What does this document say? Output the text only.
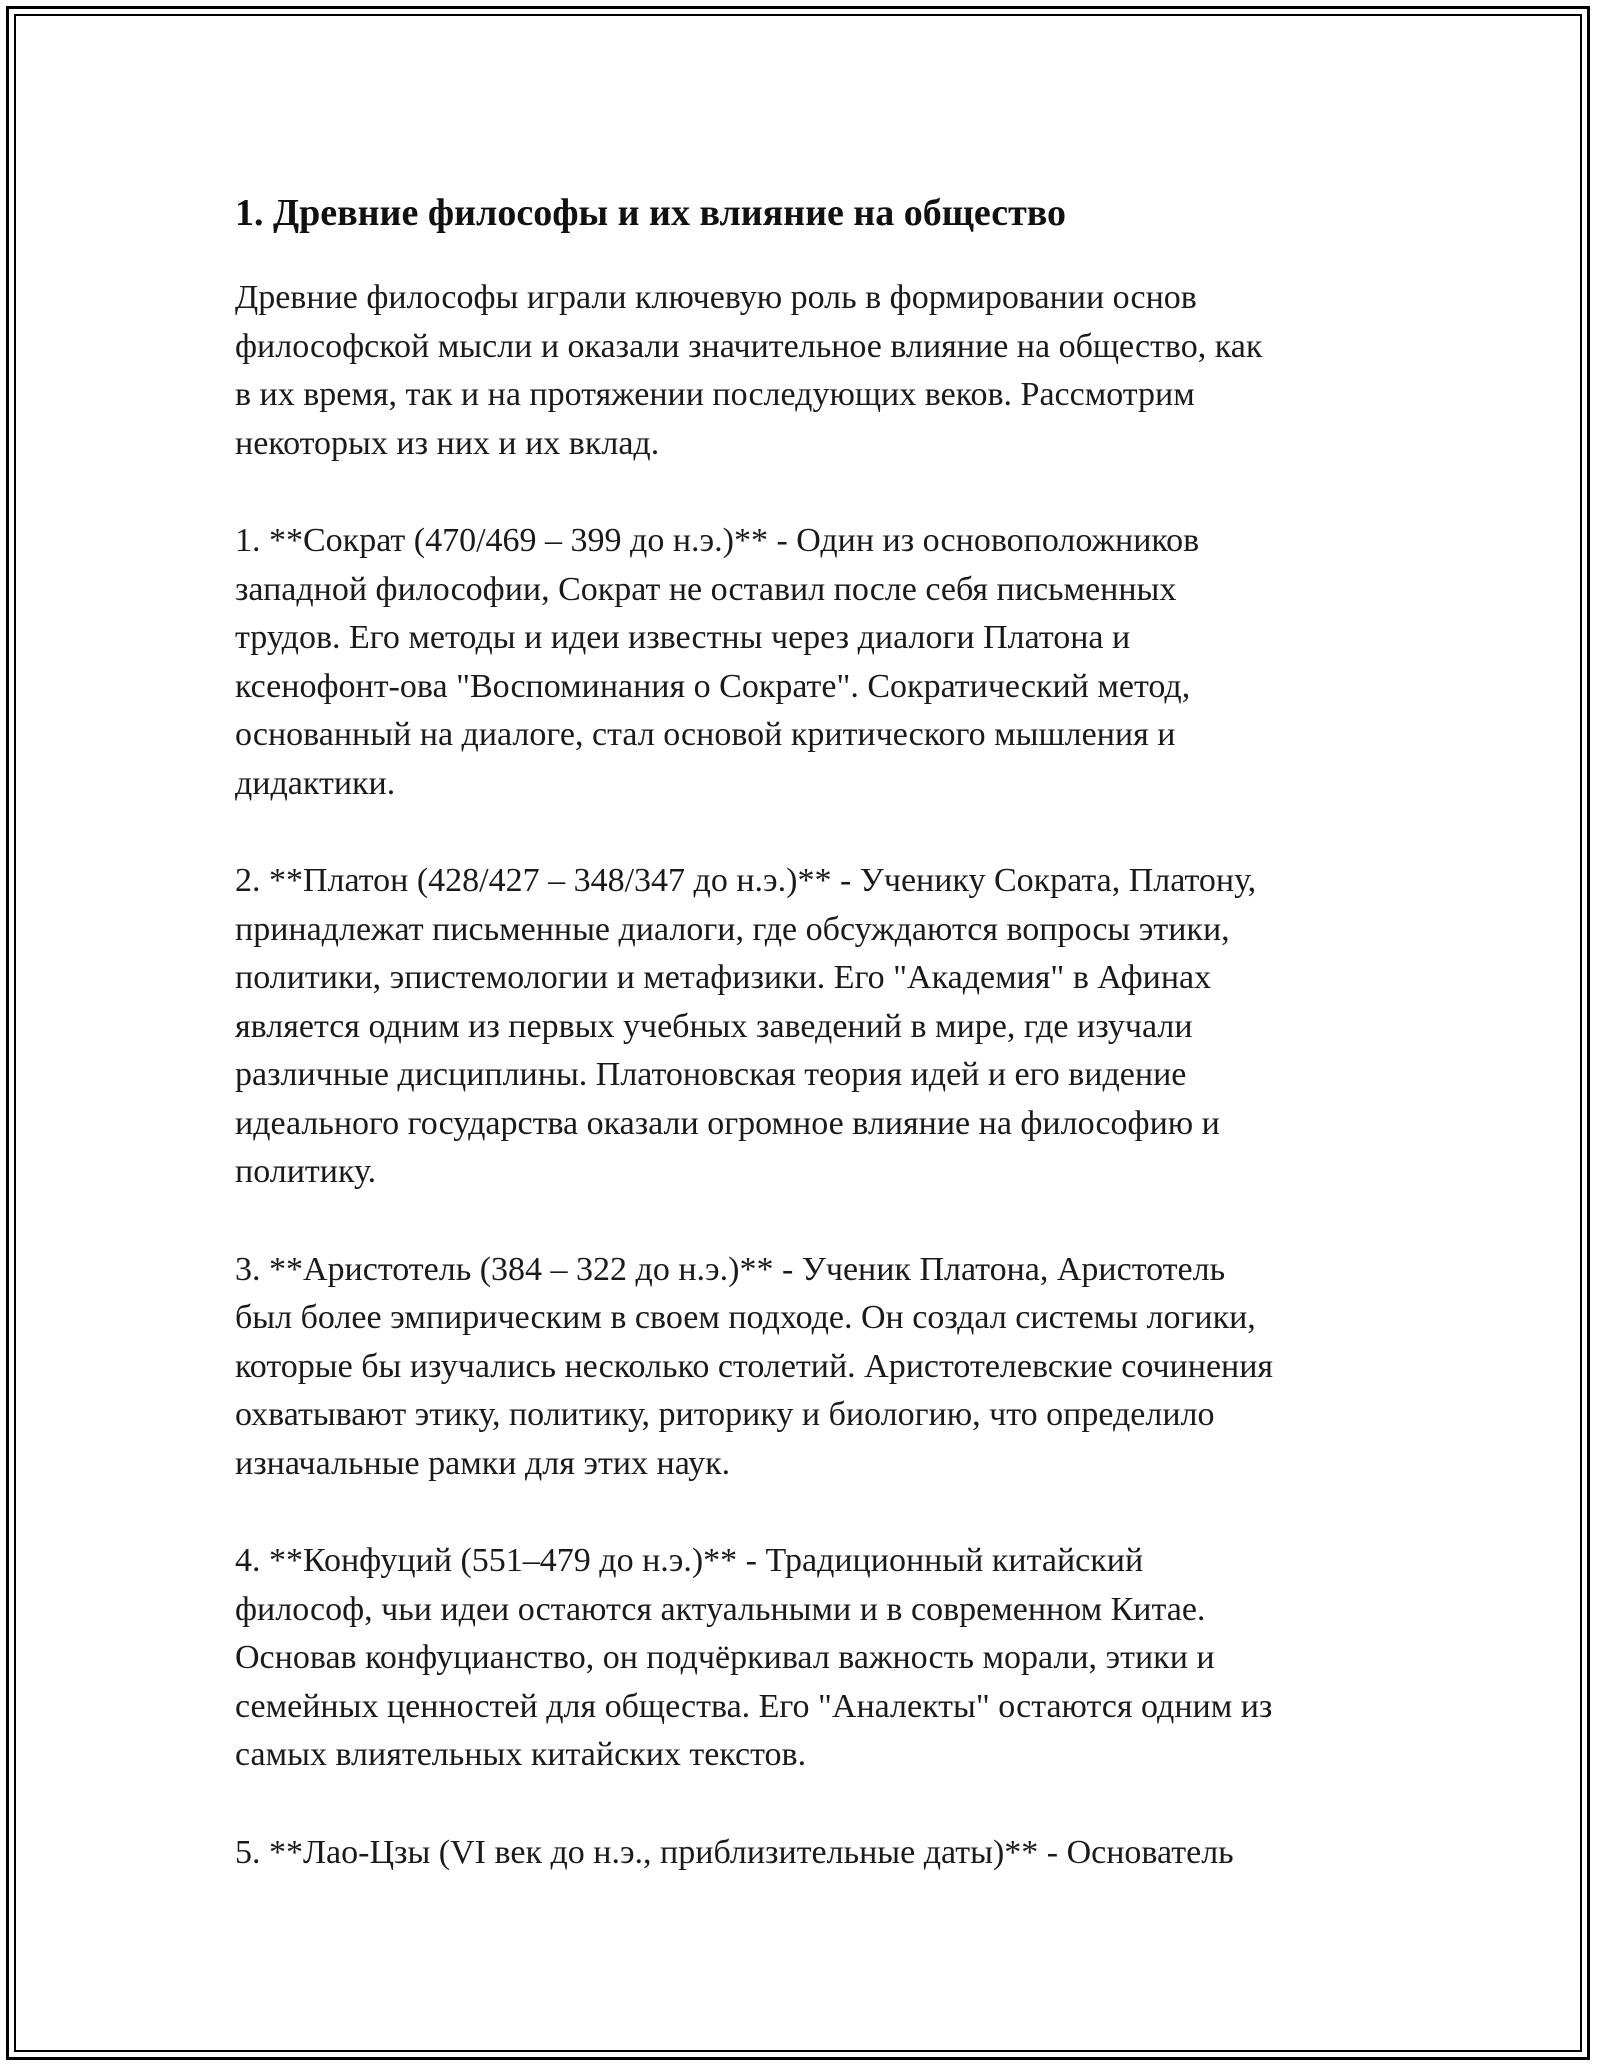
1. Древние философы и их влияние на общество

Древние философы играли ключевую роль в формировании основ
философской мысли и оказали значительное влияние на общество, как
в их время, так и на протяжении последующих веков. Рассмотрим
некоторых из них и их вклад.

1. **Сократ (470/469 – 399 до н.э.)** - Один из основоположников
западной философии, Сократ не оставил после себя письменных
трудов. Его методы и идеи известны через диалоги Платона и
ксенофонт-ова "Воспоминания о Сократе". Сократический метод,
основанный на диалоге, стал основой критического мышления и
дидактики.

2. **Платон (428/427 – 348/347 до н.э.)** - Ученику Сократа, Платону,
принадлежат письменные диалоги, где обсуждаются вопросы этики,
политики, эпистемологии и метафизики. Его "Академия" в Афинах
является одним из первых учебных заведений в мире, где изучали
различные дисциплины. Платоновская теория идей и его видение
идеального государства оказали огромное влияние на философию и
политику.

3. **Аристотель (384 – 322 до н.э.)** - Ученик Платона, Аристотель
был более эмпирическим в своем подходе. Он создал системы логики,
которые бы изучались несколько столетий. Аристотелевские сочинения
охватывают этику, политику, риторику и биологию, что определило
изначальные рамки для этих наук.

4. **Конфуций (551–479 до н.э.)** - Традиционный китайский
философ, чьи идеи остаются актуальными и в современном Китае.
Основав конфуцианство, он подчёркивал важность морали, этики и
семейных ценностей для общества. Его "Аналекты" остаются одним из
самых влиятельных китайских текстов.

5. **Лао-Цзы (VI век до н.э., приблизительные даты)** - Основатель
